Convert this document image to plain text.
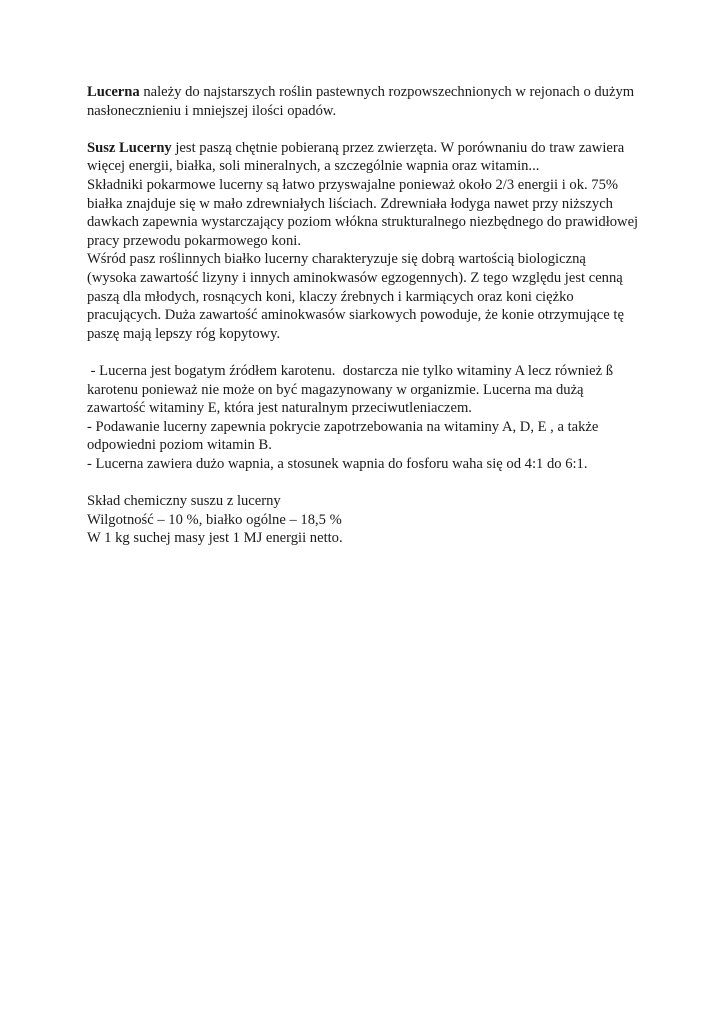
Lucerna należy do najstarszych roślin pastewnych rozpowszechnionych w rejonach o dużym
nasłonecznieniu i mniejszej ilości opadów.
Susz Lucerny jest paszą chętnie pobieraną przez zwierzęta. W porównaniu do traw zawiera
więcej energii, białka, soli mineralnych, a szczególnie wapnia oraz witamin...
Składniki pokarmowe lucerny są łatwo przyswajalne ponieważ około 2/3 energii i ok. 75%
białka znajduje się w mało zdrewniałych liściach. Zdrewniała łodyga nawet przy niższych
dawkach zapewnia wystarczający poziom włókna strukturalnego niezbędnego do prawidłowej
pracy przewodu pokarmowego koni.
Wśród pasz roślinnych białko lucerny charakteryzuje się dobrą wartością biologiczną
(wysoka zawartość lizyny i innych aminokwasów egzogennych). Z tego względu jest cenną
paszą dla młodych, rosnących koni, klaczy źrebnych i karmiących oraz koni ciężko
pracujących. Duża zawartość aminokwasów siarkowych powoduje, że konie otrzymujące tę
paszę mają lepszy róg kopytowy.
- Lucerna jest bogatym źródłem karotenu.  dostarcza nie tylko witaminy A lecz również ß
karotenu ponieważ nie może on być magazynowany w organizmie. Lucerna ma dużą
zawartość witaminy E, która jest naturalnym przeciwutleniaczem.
- Podawanie lucerny zapewnia pokrycie zapotrzebowania na witaminy A, D, E , a także
odpowiedni poziom witamin B.
- Lucerna zawiera dużo wapnia, a stosunek wapnia do fosforu waha się od 4:1 do 6:1.
Skład chemiczny suszu z lucerny
Wilgotność – 10 %, białko ogólne – 18,5 %
W 1 kg suchej masy jest 1 MJ energii netto.
